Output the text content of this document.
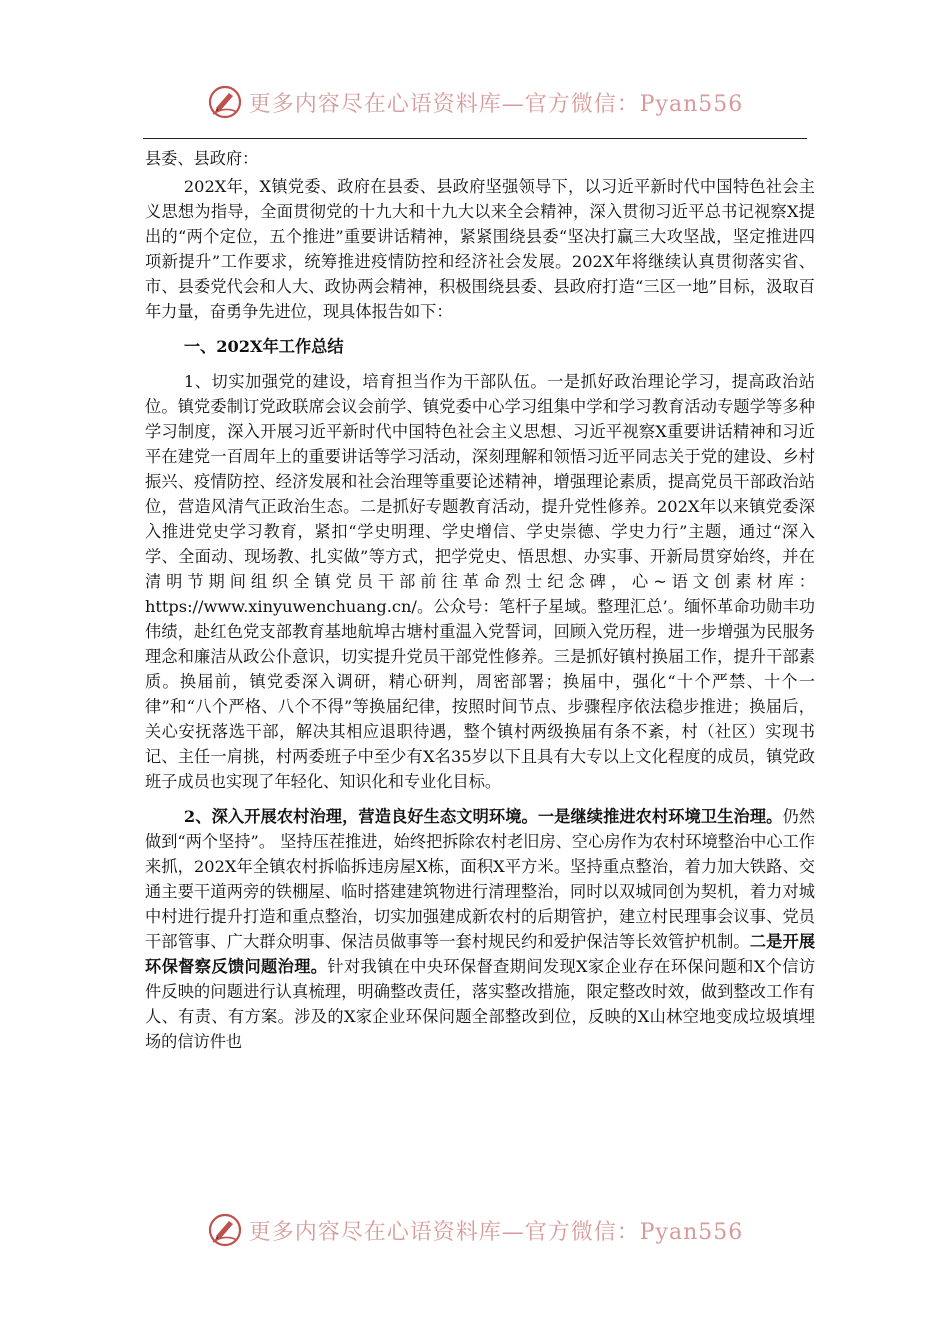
更多内容尽在心语资料库—官方微信：Pyan556

县委、县政府：

202X年，X镇党委、政府在县委、县政府坚强领导下，以习近平新时代中国特色社会主义思想为指导，全面贯彻党的十九大和十九大以来全会精神，深入贯彻习近平总书记视察X提出的“两个定位，五个推进”重要讲话精神，紧紧围绕县委“坚决打赢三大攻坚战，坚定推进四项新提升”工作要求，统筹推进疫情防控和经济社会发展。202X年将继续认真贯彻落实省、市、县委党代会和人大、政协两会精神，积极围绕县委、县政府打造“三区一地”目标，汲取百年力量，奋勇争先进位，现具体报告如下：

一、202X年工作总结

1、切实加强党的建设，培育担当作为干部队伍。一是抓好政治理论学习，提高政治站位。镇党委制订党政联席会议会前学、镇党委中心学习组集中学和学习教育活动专题学等多种学习制度，深入开展习近平新时代中国特色社会主义思想、习近平视察X重要讲话精神和习近平在建党一百周年上的重要讲话等学习活动，深刻理解和领悟习近平同志关于党的建设、乡村振兴、疫情防控、经济发展和社会治理等重要论述精神，增强理论素质，提高党员干部政治站位，营造风清气正政治生态。二是抓好专题教育活动，提升党性修养。202X年以来镇党委深入推进党史学习教育，紧扣“学史明理、学史增信、学史崇德、学史力行”主题，通过“深入学、全面动、现场教、扎实做”等方式，把学党史、悟思想、办实事、开新局贯穿始终，并在清明节期间组织全镇党员干部前往革命烈士纪念碑，心~语文创素材库：https://www.xinyuwenchuang.cn/。公众号：笔杆子星域。整理汇总’。缅怀革命功勋丰功伟绩，赴红色党支部教育基地航埠古塘村重温入党誓词，回顾入党历程，进一步增强为民服务理念和廉洁从政公仆意识，切实提升党员干部党性修养。三是抓好镇村换届工作，提升干部素质。换届前，镇党委深入调研，精心研判，周密部署；换届中，强化“十个严禁、十个一律”和“八个严格、八个不得”等换届纪律，按照时间节点、步骤程序依法稳步推进；换届后，关心安抚落选干部，解决其相应退职待遇，整个镇村两级换届有条不紊，村（社区）实现书记、主任一肩挑，村两委班子中至少有X名35岁以下且具有大专以上文化程度的成员，镇党政班子成员也实现了年轻化、知识化和专业化目标。

2、深入开展农村治理，营造良好生态文明环境。一是继续推进农村环境卫生治理。仍然做到“两个坚持”。 坚持压茬推进，始终把拆除农村老旧房、空心房作为农村环境整治中心工作来抓，202X年全镇农村拆临拆违房屋X栋，面积X平方米。坚持重点整治，着力加大铁路、交通主要干道两旁的铁棚屋、临时搭建建筑物进行清理整治，同时以双城同创为契机，着力对城中村进行提升打造和重点整治，切实加强建成新农村的后期管护，建立村民理事会议事、党员干部管事、广大群众明事、保洁员做事等一套村规民约和爱护保洁等长效管护机制。二是开展环保督察反馈问题治理。针对我镇在中央环保督查期间发现X家企业存在环保问题和X个信访件反映的问题进行认真梳理，明确整改责任，落实整改措施，限定整改时效，做到整改工作有人、有责、有方案。涉及的X家企业环保问题全部整改到位，反映的X山林空地变成垃圾填埋场的信访件也

更多内容尽在心语资料库—官方微信：Pyan556
